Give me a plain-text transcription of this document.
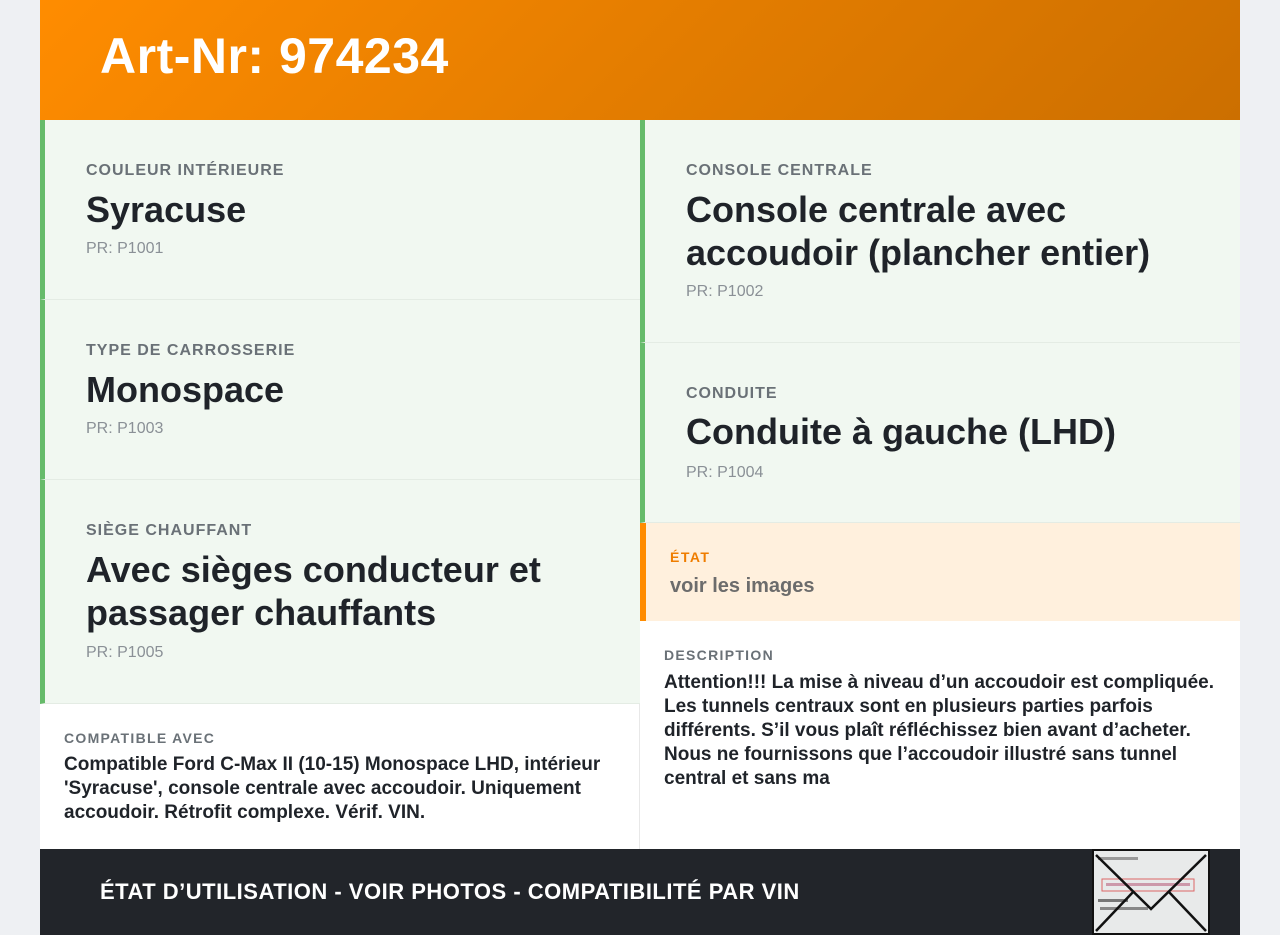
Art-Nr: 974234
COULEUR INTÉRIEURE
Syracuse
PR: P1001
TYPE DE CARROSSERIE
Monospace
PR: P1003
SIÈGE CHAUFFANT
Avec sièges conducteur et passager chauffants
PR: P1005
COMPATIBLE AVEC
Compatible Ford C-Max II (10-15) Monospace LHD, intérieur 'Syracuse', console centrale avec accoudoir. Uniquement accoudoir. Rétrofit complexe. Vérif. VIN.
CONSOLE CENTRALE
Console centrale avec accoudoir (plancher entier)
PR: P1002
CONDUITE
Conduite à gauche (LHD)
PR: P1004
ÉTAT
voir les images
DESCRIPTION
Attention!!! La mise à niveau d’un accoudoir est compliquée. Les tunnels centraux sont en plusieurs parties parfois différents. S’il vous plaît réfléchissez bien avant d’acheter. Nous ne fournissons que l’accoudoir illustré sans tunnel central et sans ma
ÉTAT D’UTILISATION - VOIR PHOTOS - COMPATIBILITÉ PAR VIN
